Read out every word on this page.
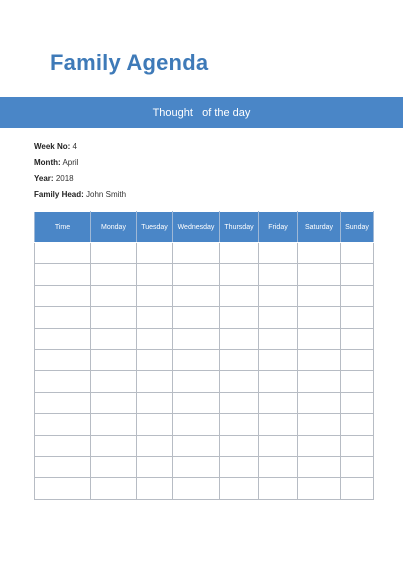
Family Agenda
Thought   of the day
Week No: 4
Month: April
Year: 2018
Family Head: John Smith
Time	Monday	Tuesday	Wednesday	Thursday	Friday	Saturday	Sunday
